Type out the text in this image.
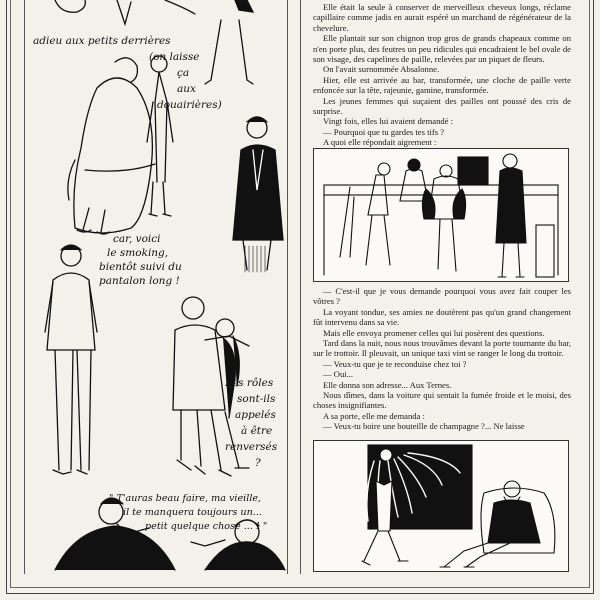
adieu aux petits derrières
(on laisse
ça
aux
douairières)
car, voici
le smoking,
bientôt suivi du
pantalon long !
Les rôles
sont-ils
appelés
à être
renversés
?
" T'auras beau faire, ma vieille,
il te manquera toujours un...
petit quelque chose ... ! "

Elle était la seule à conserver de merveilleux cheveux longs, réclame capillaire comme jadis en aurait espéré un marchand de régénérateur de la chevelure.

Elle plantait sur son chignon trop gros de grands chapeaux comme on n'en porte plus, des feutres un peu ridicules qui encadraient le bel ovale de son visage, des capelines de paille, relevées par un piquet de fleurs.

On l'avait surnommée Absalonne.

Hier, elle est arrivée au bar, transformée, une cloche de paille verte enfoncée sur la tête, rajeunie, gamine, transformée.

Les jeunes femmes qui suçaient des pailles ont poussé des cris de surprise.

Vingt fois, elles lui avaient demandé :

— Pourquoi que tu gardes tes tifs ?

A quoi elle répondait aigrement :

— C'est-il que je vous demande pourquoi vous avez fait couper les vôtres ?

La voyant tondue, ses amies ne doutèrent pas qu'un grand changement fût intervenu dans sa vie.

Mais elle envoya promener celles qui lui posèrent des questions.

Tard dans la nuit, nous nous trouvâmes devant la porte tournante du bar, sur le trottoir. Il pleuvait, un unique taxi vint se ranger le long du trottoir.

— Veux-tu que je te reconduise chez toi ?

— Oui...

Elle donna son adresse... Aux Ternes.

Nous dîmes, dans la voiture qui sentait la fumée froide et le moisi, des choses insignifiantes.

A sa porte, elle me demanda :

— Veux-tu boire une bouteille de champagne ?... Ne laisse
